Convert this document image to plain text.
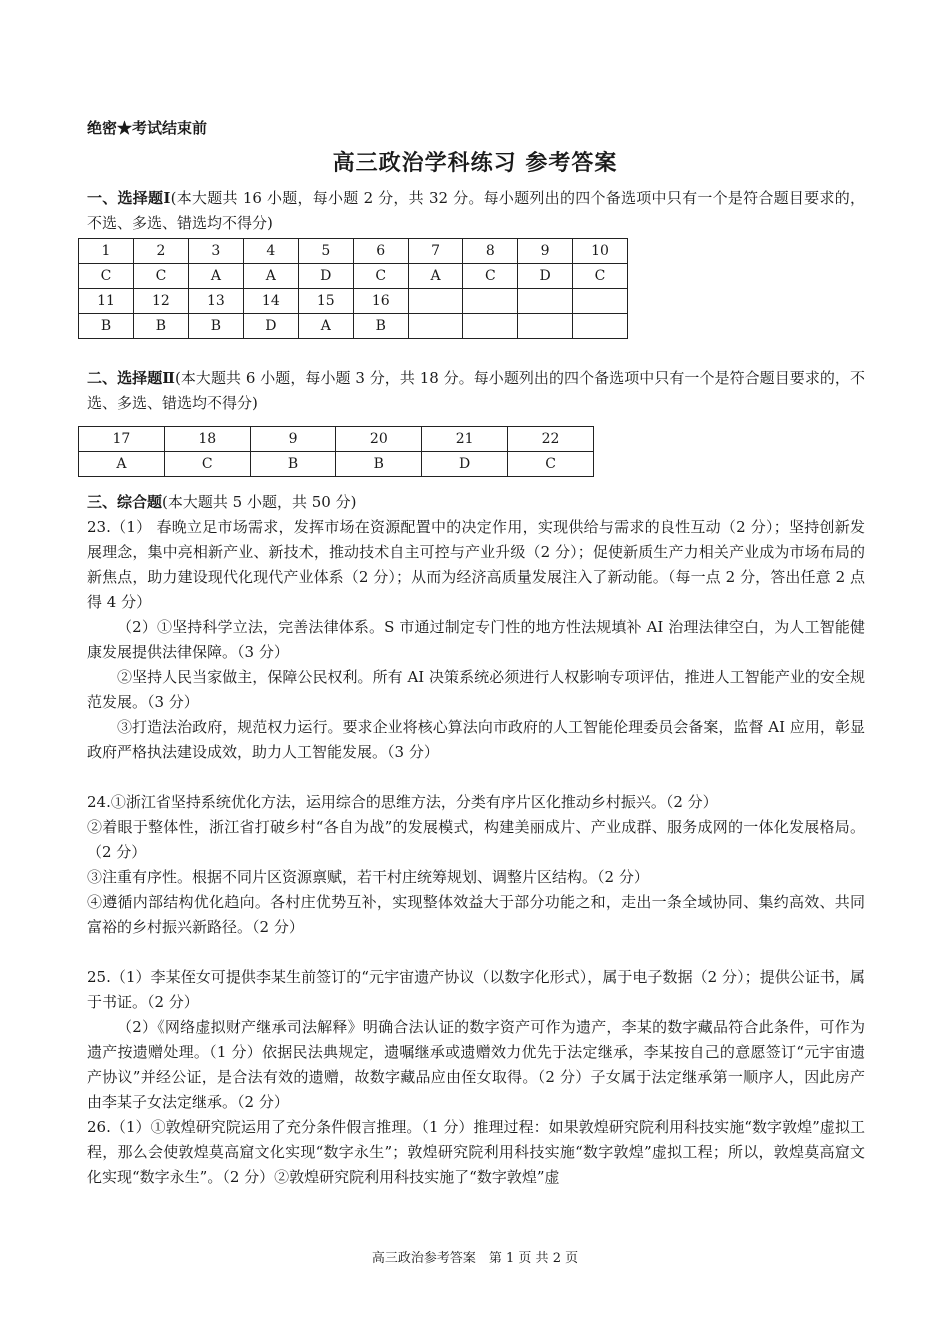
绝密★考试结束前
高三政治学科练习 参考答案
一、选择题Ⅰ(本大题共 16 小题，每小题 2 分，共 32 分。每小题列出的四个备选项中只有一个是符合题目要求的，不选、多选、错选均不得分)
1	2	3	4	5	6	7	8	9	10
C	C	A	A	D	C	A	C	D	C
11	12	13	14	15	16				
B	B	B	D	A	B				
二、选择题Ⅱ(本大题共 6 小题，每小题 3 分，共 18 分。每小题列出的四个备选项中只有一个是符合题目要求的，不选、多选、错选均不得分)
17	18	9	20	21	22
A	C	B	B	D	C
三、综合题(本大题共 5 小题，共 50 分)
23.（1） 春晚立足市场需求，发挥市场在资源配置中的决定作用，实现供给与需求的良性互动（2 分）；坚持创新发展理念，集中亮相新产业、新技术，推动技术自主可控与产业升级（2 分）；促使新质生产力相关产业成为市场布局的新焦点，助力建设现代化现代产业体系（2 分）；从而为经济高质量发展注入了新动能。（每一点 2 分，答出任意 2 点得 4 分）
（2）①坚持科学立法，完善法律体系。S 市通过制定专门性的地方性法规填补 AI 治理法律空白，为人工智能健康发展提供法律保障。（3 分）
②坚持人民当家做主，保障公民权利。所有 AI 决策系统必须进行人权影响专项评估，推进人工智能产业的安全规范发展。（3 分）
③打造法治政府，规范权力运行。要求企业将核心算法向市政府的人工智能伦理委员会备案，监督 AI 应用，彰显政府严格执法建设成效，助力人工智能发展。（3 分）
24.①浙江省坚持系统优化方法，运用综合的思维方法，分类有序片区化推动乡村振兴。（2 分）
②着眼于整体性，浙江省打破乡村“各自为战”的发展模式，构建美丽成片、产业成群、服务成网的一体化发展格局。（2 分）
③注重有序性。根据不同片区资源禀赋，若干村庄统筹规划、调整片区结构。（2 分）
④遵循内部结构优化趋向。各村庄优势互补，实现整体效益大于部分功能之和，走出一条全域协同、集约高效、共同富裕的乡村振兴新路径。（2 分）
25.（1）李某侄女可提供李某生前签订的“元宇宙遗产协议（以数字化形式），属于电子数据（2 分）；提供公证书，属于书证。（2 分）
（2）《网络虚拟财产继承司法解释》明确合法认证的数字资产可作为遗产，李某的数字藏品符合此条件，可作为遗产按遗赠处理。（1 分）依据民法典规定，遗嘱继承或遗赠效力优先于法定继承，李某按自己的意愿签订“元宇宙遗产协议”并经公证，是合法有效的遗赠，故数字藏品应由侄女取得。（2 分）子女属于法定继承第一顺序人，因此房产由李某子女法定继承。（2 分）
26.（1）①敦煌研究院运用了充分条件假言推理。（1 分）推理过程：如果敦煌研究院利用科技实施“数字敦煌”虚拟工程，那么会使敦煌莫高窟文化实现“数字永生”；敦煌研究院利用科技实施“数字敦煌”虚拟工程；所以，敦煌莫高窟文化实现“数字永生”。（2 分）②敦煌研究院利用科技实施了“数字敦煌”虚
高三政治参考答案　第 1 页 共 2 页
